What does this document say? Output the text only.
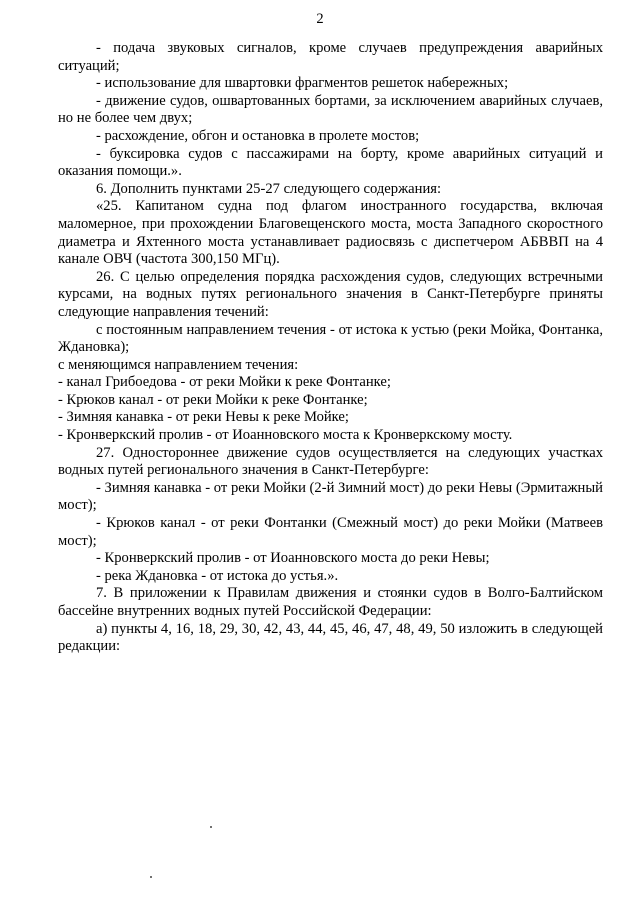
2

- подача звуковых сигналов, кроме случаев предупреждения аварийных ситуаций;

- использование для швартовки фрагментов решеток набережных;

- движение судов, ошвартованных бортами, за исключением аварийных случаев, но не более чем двух;

- расхождение, обгон и остановка в пролете мостов;

- буксировка судов с пассажирами на борту, кроме аварийных ситуаций и оказания помощи.».

6. Дополнить пунктами 25-27 следующего содержания:

«25. Капитаном судна под флагом иностранного государства, включая маломерное, при прохождении Благовещенского моста, моста Западного скоростного диаметра и Яхтенного моста устанавливает радиосвязь с диспетчером АБВВП на 4 канале ОВЧ (частота 300,150 МГц).

26. С целью определения порядка расхождения судов, следующих встречными курсами, на водных путях регионального значения в Санкт-Петербурге приняты следующие направления течений:

с постоянным направлением течения - от истока к устью (реки Мойка, Фонтанка, Ждановка);

с меняющимся направлением течения:

- канал Грибоедова - от реки Мойки к реке Фонтанке;

- Крюков канал - от реки Мойки к реке Фонтанке;

- Зимняя канавка - от реки Невы к реке Мойке;

- Кронверкский пролив - от Иоанновского моста к Кронверкскому мосту.

27. Одностороннее движение судов осуществляется на следующих участках водных путей регионального значения в Санкт-Петербурге:

- Зимняя канавка - от реки Мойки (2-й Зимний мост) до реки Невы (Эрмитажный мост);

- Крюков канал - от реки Фонтанки (Смежный мост) до реки Мойки (Матвеев мост);

- Кронверкский пролив - от Иоанновского моста до реки Невы;

- река Ждановка - от истока до устья.».

7. В приложении к Правилам движения и стоянки судов в Волго-Балтийском бассейне внутренних водных путей Российской Федерации:

а) пункты 4, 16, 18, 29, 30, 42, 43, 44, 45, 46, 47, 48, 49, 50 изложить в следующей редакции:
